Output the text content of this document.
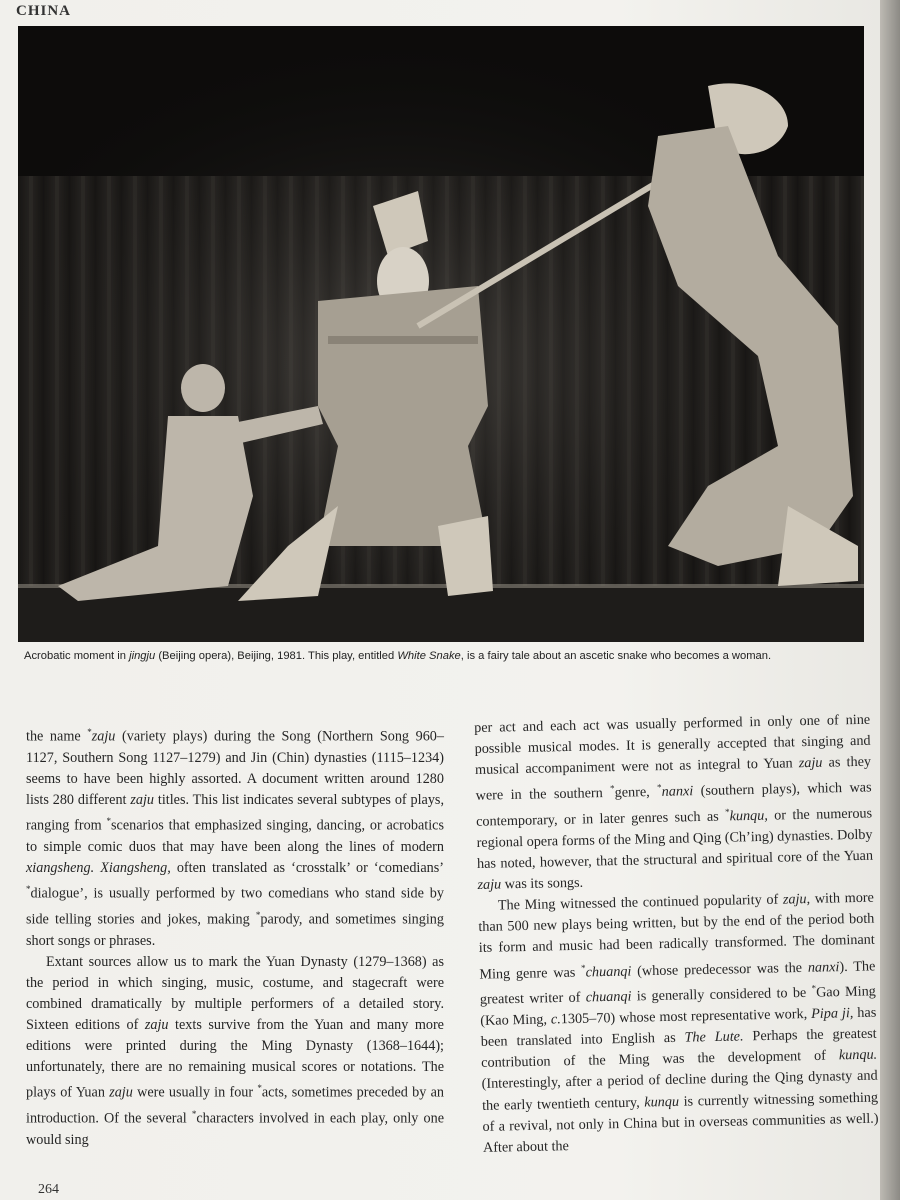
CHINA
Acrobatic moment in jingju (Beijing opera), Beijing, 1981. This play, entitled White Snake, is a fairy tale about an ascetic snake who becomes a woman.

the name *zaju (variety plays) during the Song (Northern Song 960–1127, Southern Song 1127–1279) and Jin (Chin) dynasties (1115–1234) seems to have been highly assorted. A document written around 1280 lists 280 different zaju titles. This list indicates several subtypes of plays, ranging from *scenarios that emphasized singing, dancing, or acrobatics to simple comic duos that may have been along the lines of modern xiangsheng. Xiangsheng, often translated as ‘crosstalk’ or ‘comedians’ *dialogue’, is usually performed by two comedians who stand side by side telling stories and jokes, making *parody, and sometimes singing short songs or phrases.

Extant sources allow us to mark the Yuan Dynasty (1279–1368) as the period in which singing, music, costume, and stagecraft were combined dramatically by multiple performers of a detailed story. Sixteen editions of zaju texts survive from the Yuan and many more editions were printed during the Ming Dynasty (1368–1644); unfortunately, there are no remaining musical scores or notations. The plays of Yuan zaju were usually in four *acts, sometimes preceded by an introduction. Of the several *characters involved in each play, only one would sing

per act and each act was usually performed in only one of nine possible musical modes. It is generally accepted that singing and musical accompaniment were not as integral to Yuan zaju as they were in the southern *genre, *nanxi (southern plays), which was contemporary, or in later genres such as *kunqu, or the numerous regional opera forms of the Ming and Qing (Ch’ing) dynasties. Dolby has noted, however, that the structural and spiritual core of the Yuan zaju was its songs.

The Ming witnessed the continued popularity of zaju, with more than 500 new plays being written, but by the end of the period both its form and music had been radically transformed. The dominant Ming genre was *chuanqi (whose predecessor was the nanxi). The greatest writer of chuanqi is generally considered to be *Gao Ming (Kao Ming, c.1305–70) whose most representative work, Pipa ji, has been translated into English as The Lute. Perhaps the greatest contribution of the Ming was the development of kunqu. (Interestingly, after a period of decline during the Qing dynasty and the early twentieth century, kunqu is currently witnessing something of a revival, not only in China but in overseas communities as well.) After about the

264
